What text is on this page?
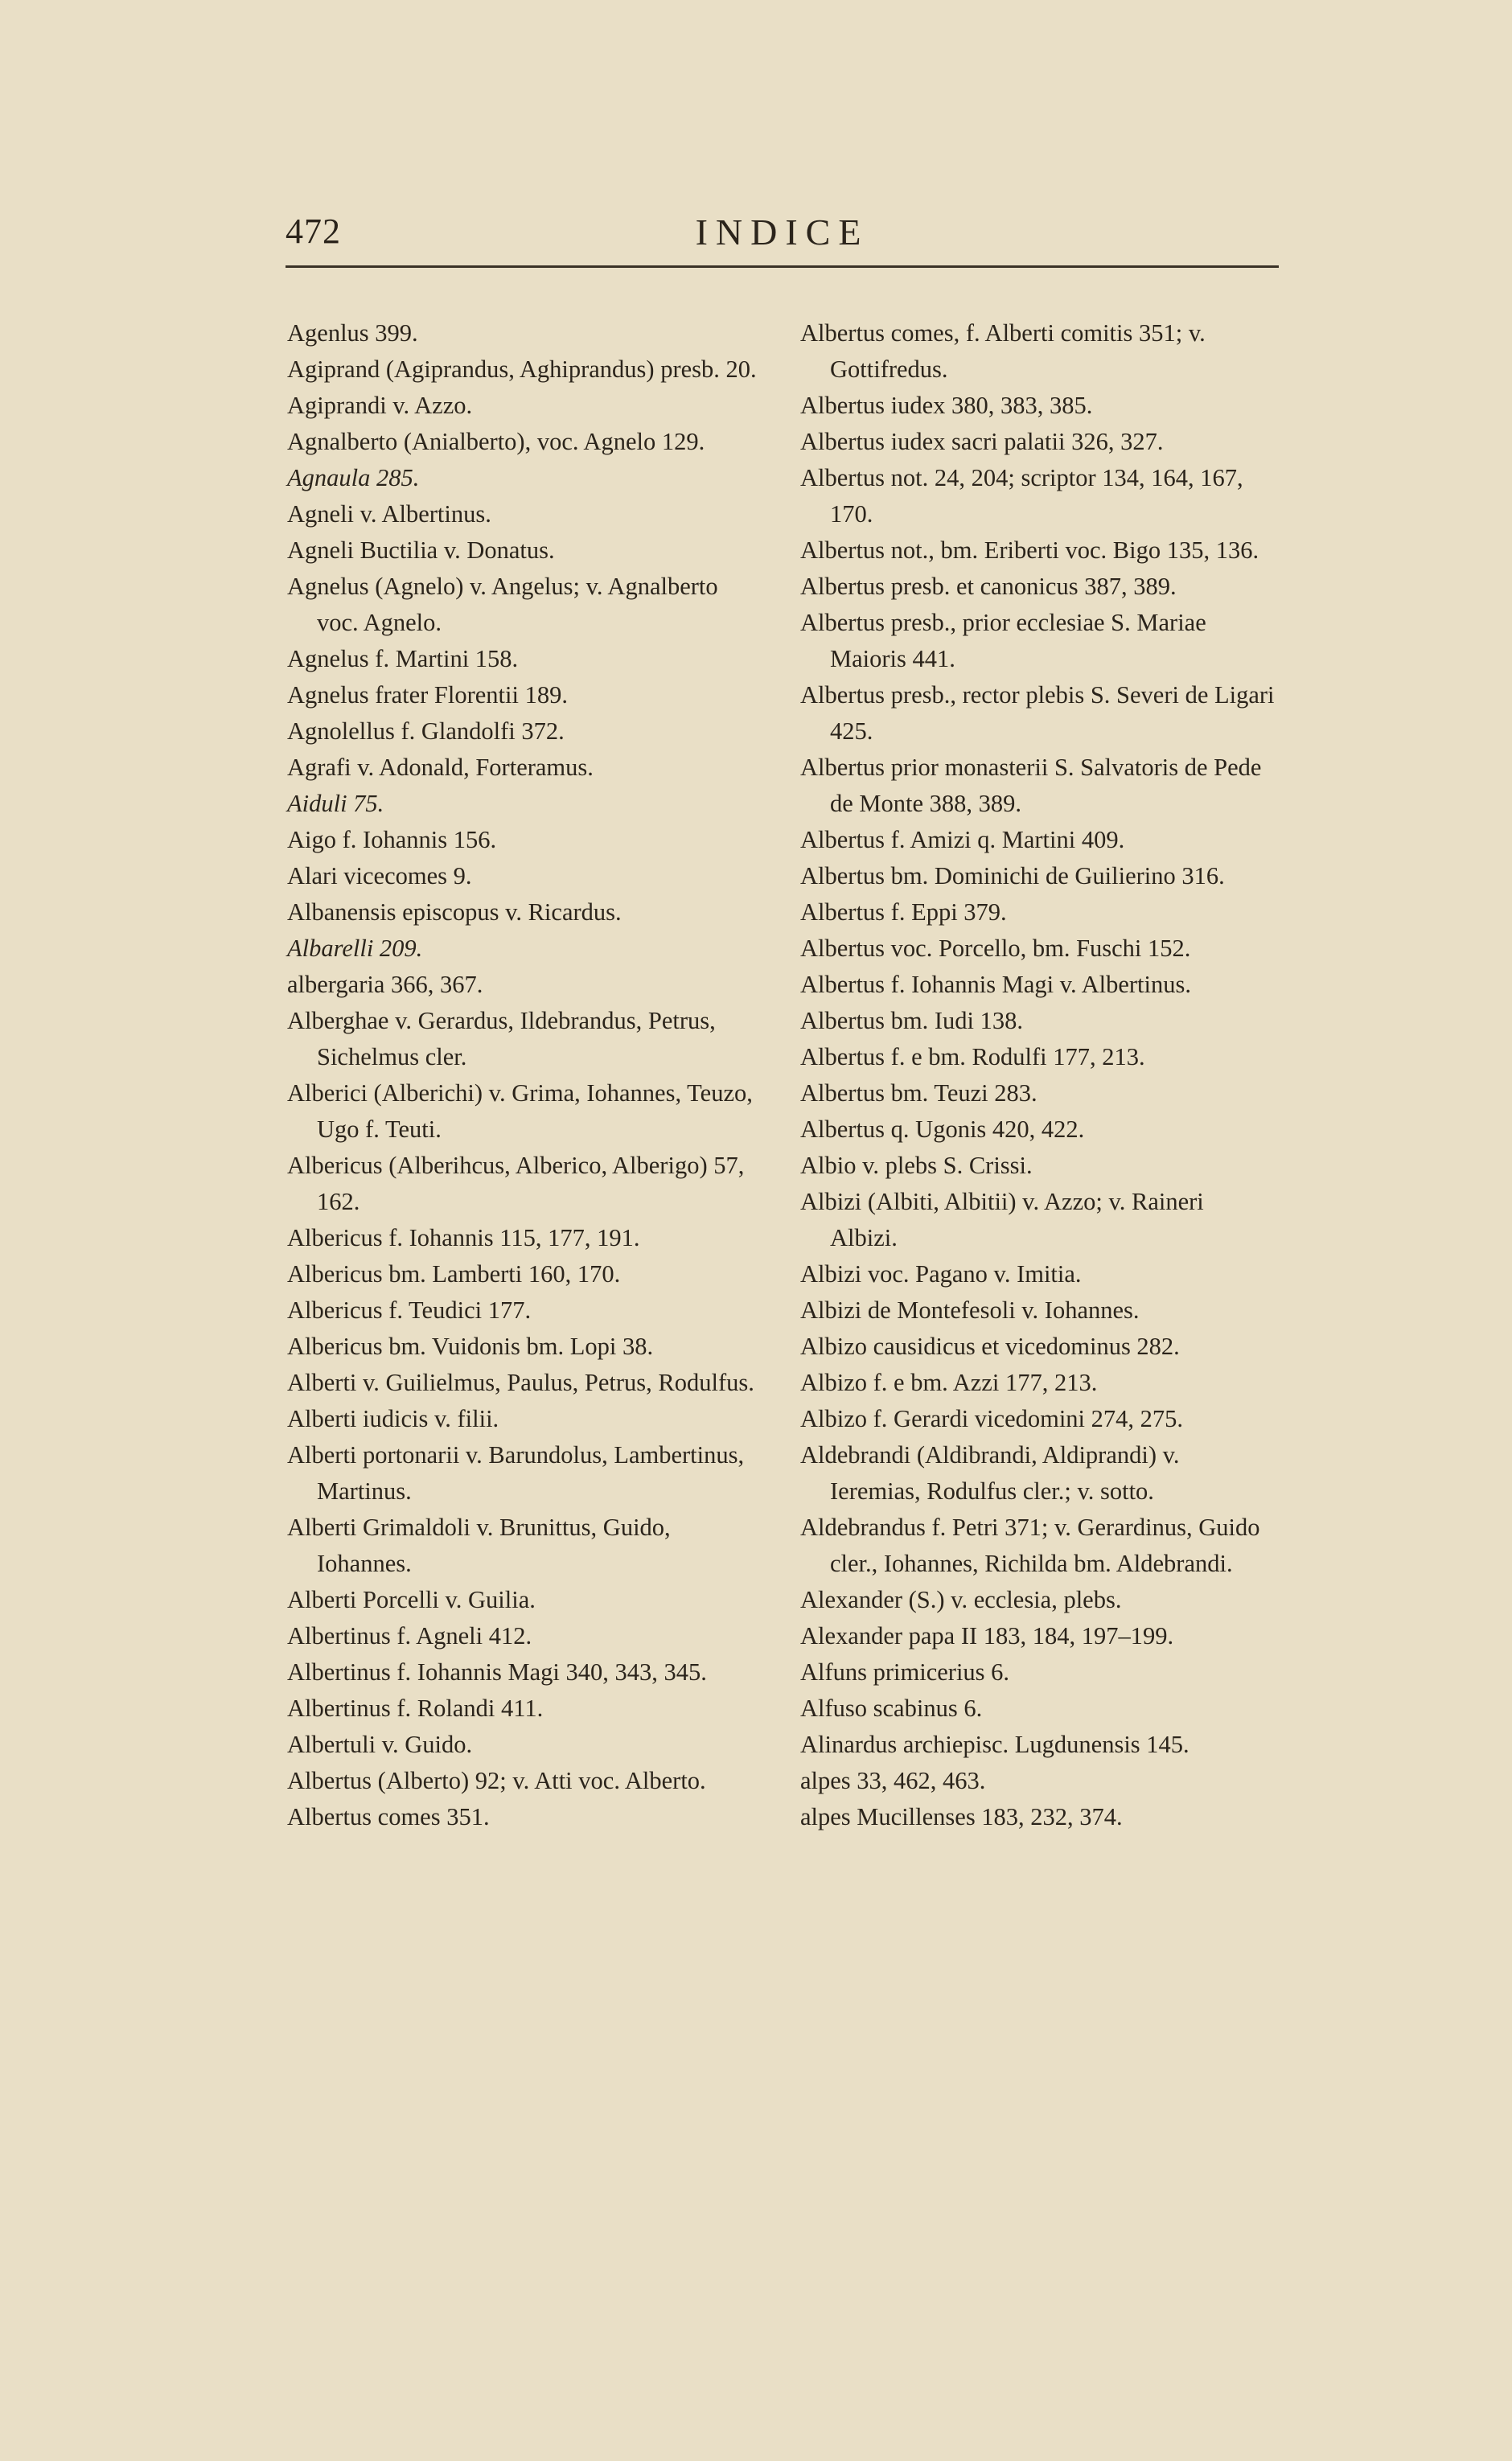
472	INDICE
Agenlus 399.
Agiprand (Agiprandus, Aghiprandus) presb. 20.
Agiprandi v. Azzo.
Agnalberto (Anialberto), voc. Agnelo 129.
Agnaula 285.
Agneli v. Albertinus.
Agneli Buctilia v. Donatus.
Agnelus (Agnelo) v. Angelus; v. Agnalberto voc. Agnelo.
Agnelus f. Martini 158.
Agnelus frater Florentii 189.
Agnolellus f. Glandolfi 372.
Agrafi v. Adonald, Forteramus.
Aiduli 75.
Aigo f. Iohannis 156.
Alari vicecomes 9.
Albanensis episcopus v. Ricardus.
Albarelli 209.
albergaria 366, 367.
Alberghae v. Gerardus, Ildebrandus, Petrus, Sichelmus cler.
Alberici (Alberichi) v. Grima, Iohannes, Teuzo, Ugo f. Teuti.
Albericus (Alberihcus, Alberico, Alberigo) 57, 162.
Albericus f. Iohannis 115, 177, 191.
Albericus bm. Lamberti 160, 170.
Albericus f. Teudici 177.
Albericus bm. Vuidonis bm. Lopi 38.
Alberti v. Guilielmus, Paulus, Petrus, Rodulfus.
Alberti iudicis v. filii.
Alberti portonarii v. Barundolus, Lambertinus, Martinus.
Alberti Grimaldoli v. Brunittus, Guido, Iohannes.
Alberti Porcelli v. Guilia.
Albertinus f. Agneli 412.
Albertinus f. Iohannis Magi 340, 343, 345.
Albertinus f. Rolandi 411.
Albertuli v. Guido.
Albertus (Alberto) 92; v. Atti voc. Alberto.
Albertus comes 351.
Albertus comes, f. Alberti comitis 351; v. Gottifredus.
Albertus iudex 380, 383, 385.
Albertus iudex sacri palatii 326, 327.
Albertus not. 24, 204; scriptor 134, 164, 167, 170.
Albertus not., bm. Eriberti voc. Bigo 135, 136.
Albertus presb. et canonicus 387, 389.
Albertus presb., prior ecclesiae S. Mariae Maioris 441.
Albertus presb., rector plebis S. Severi de Ligari 425.
Albertus prior monasterii S. Salvatoris de Pede de Monte 388, 389.
Albertus f. Amizi q. Martini 409.
Albertus bm. Dominichi de Guilierino 316.
Albertus f. Eppi 379.
Albertus voc. Porcello, bm. Fuschi 152.
Albertus f. Iohannis Magi v. Albertinus.
Albertus bm. Iudi 138.
Albertus f. e bm. Rodulfi 177, 213.
Albertus bm. Teuzi 283.
Albertus q. Ugonis 420, 422.
Albio v. plebs S. Crissi.
Albizi (Albiti, Albitii) v. Azzo; v. Raineri Albizi.
Albizi voc. Pagano v. Imitia.
Albizi de Montefesoli v. Iohannes.
Albizo causidicus et vicedominus 282.
Albizo f. e bm. Azzi 177, 213.
Albizo f. Gerardi vicedomini 274, 275.
Aldebrandi (Aldibrandi, Aldiprandi) v. Ieremias, Rodulfus cler.; v. sotto.
Aldebrandus f. Petri 371; v. Gerardinus, Guido cler., Iohannes, Richilda bm. Aldebrandi.
Alexander (S.) v. ecclesia, plebs.
Alexander papa II 183, 184, 197–199.
Alfuns primicerius 6.
Alfuso scabinus 6.
Alinardus archiepisc. Lugdunensis 145.
alpes 33, 462, 463.
alpes Mucillenses 183, 232, 374.
